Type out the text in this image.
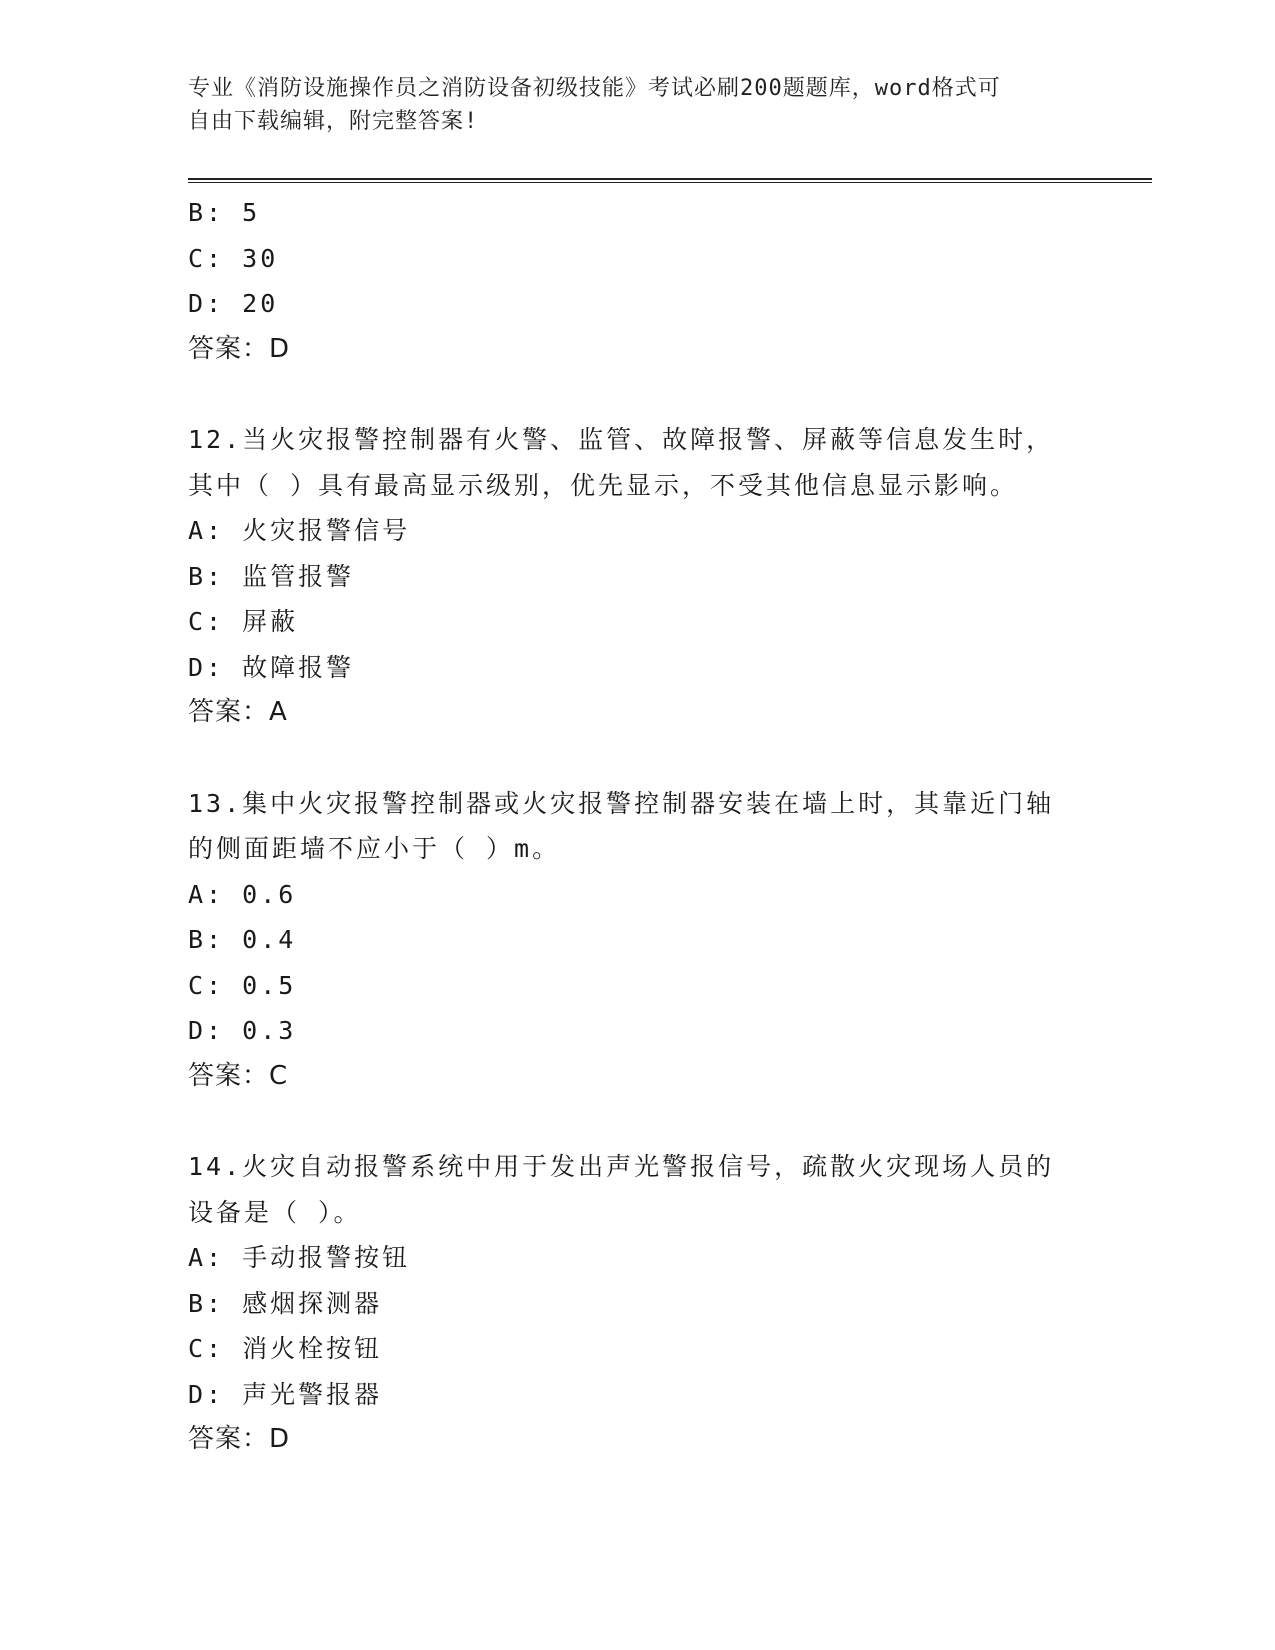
专业《消防设施操作员之消防设备初级技能》考试必刷200题题库，word格式可
自由下载编辑，附完整答案!
B: 5
C: 30
D: 20
答案：D
12.当火灾报警控制器有火警、监管、故障报警、屏蔽等信息发生时，
其中（ ）具有最高显示级别，优先显示，不受其他信息显示影响。
A: 火灾报警信号
B: 监管报警
C: 屏蔽
D: 故障报警
答案：A
13.集中火灾报警控制器或火灾报警控制器安装在墙上时，其靠近门轴
的侧面距墙不应小于（ ）m。
A: 0.6
B: 0.4
C: 0.5
D: 0.3
答案：C
14.火灾自动报警系统中用于发出声光警报信号，疏散火灾现场人员的
设备是（ ）。
A: 手动报警按钮
B: 感烟探测器
C: 消火栓按钮
D: 声光警报器
答案：D
